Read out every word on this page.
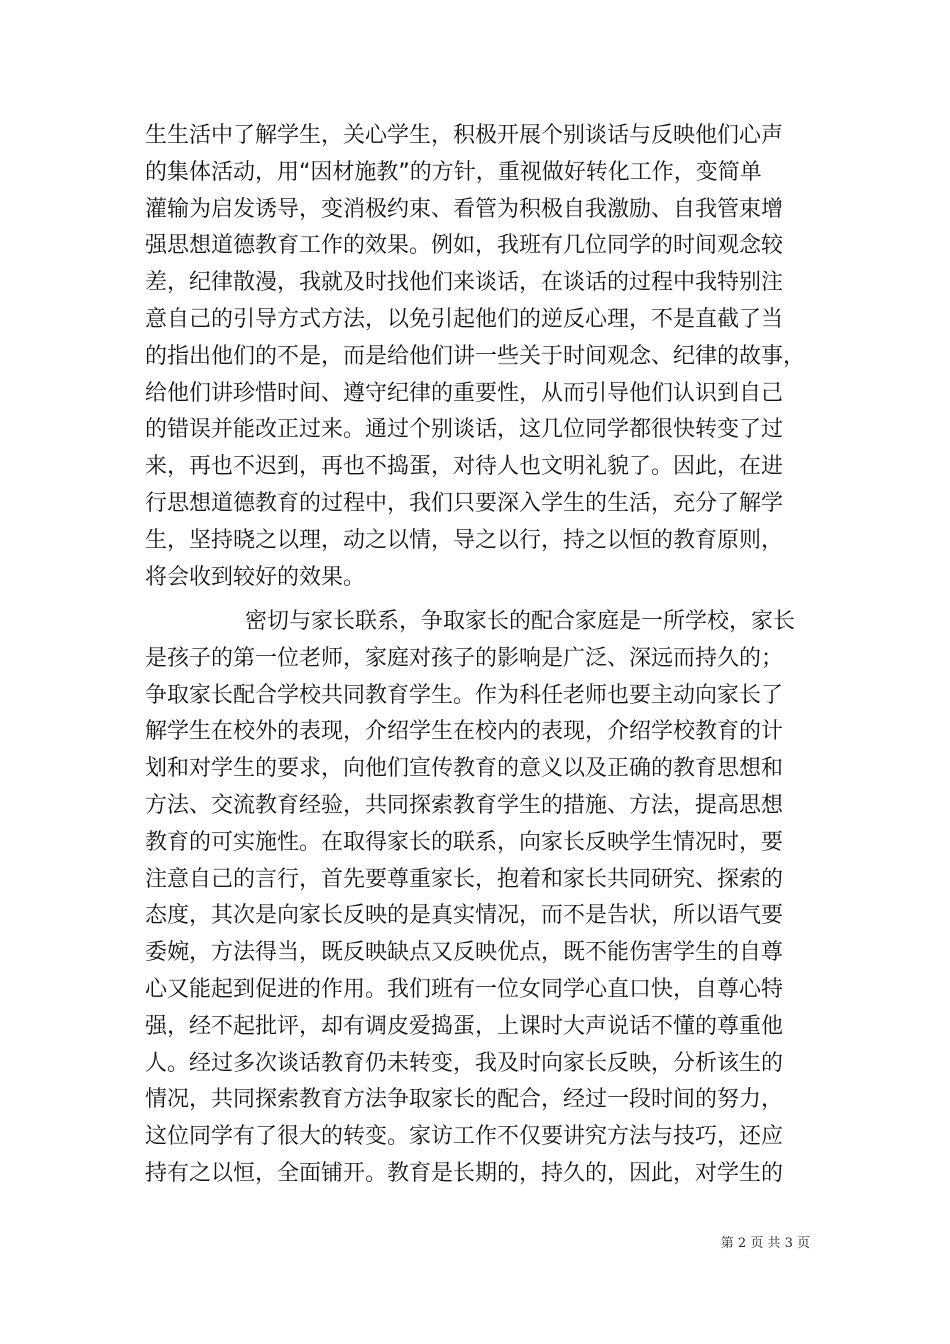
生生活中了解学生，关心学生，积极开展个别谈话与反映他们心声
的集体活动，用“因材施教”的方针，重视做好转化工作，变简单
灌输为启发诱导，变消极约束、看管为积极自我激励、自我管束增
强思想道德教育工作的效果。例如，我班有几位同学的时间观念较
差，纪律散漫，我就及时找他们来谈话，在谈话的过程中我特别注
意自己的引导方式方法，以免引起他们的逆反心理，不是直截了当
的指出他们的不是，而是给他们讲一些关于时间观念、纪律的故事，
给他们讲珍惜时间、遵守纪律的重要性，从而引导他们认识到自己
的错误并能改正过来。通过个别谈话，这几位同学都很快转变了过
来，再也不迟到，再也不捣蛋，对待人也文明礼貌了。因此，在进
行思想道德教育的过程中，我们只要深入学生的生活，充分了解学
生，坚持晓之以理，动之以情，导之以行，持之以恒的教育原则，
将会收到较好的效果。
密切与家长联系，争取家长的配合家庭是一所学校，家长
是孩子的第一位老师，家庭对孩子的影响是广泛、深远而持久的；
争取家长配合学校共同教育学生。作为科任老师也要主动向家长了
解学生在校外的表现，介绍学生在校内的表现，介绍学校教育的计
划和对学生的要求，向他们宣传教育的意义以及正确的教育思想和
方法、交流教育经验，共同探索教育学生的措施、方法，提高思想
教育的可实施性。在取得家长的联系，向家长反映学生情况时，要
注意自己的言行，首先要尊重家长，抱着和家长共同研究、探索的
态度，其次是向家长反映的是真实情况，而不是告状，所以语气要
委婉，方法得当，既反映缺点又反映优点，既不能伤害学生的自尊
心又能起到促进的作用。我们班有一位女同学心直口快，自尊心特
强，经不起批评，却有调皮爱捣蛋，上课时大声说话不懂的尊重他
人。经过多次谈话教育仍未转变，我及时向家长反映，分析该生的
情况，共同探索教育方法争取家长的配合，经过一段时间的努力，
这位同学有了很大的转变。家访工作不仅要讲究方法与技巧，还应
持有之以恒，全面铺开。教育是长期的，持久的，因此，对学生的
第 2 页 共 3 页
